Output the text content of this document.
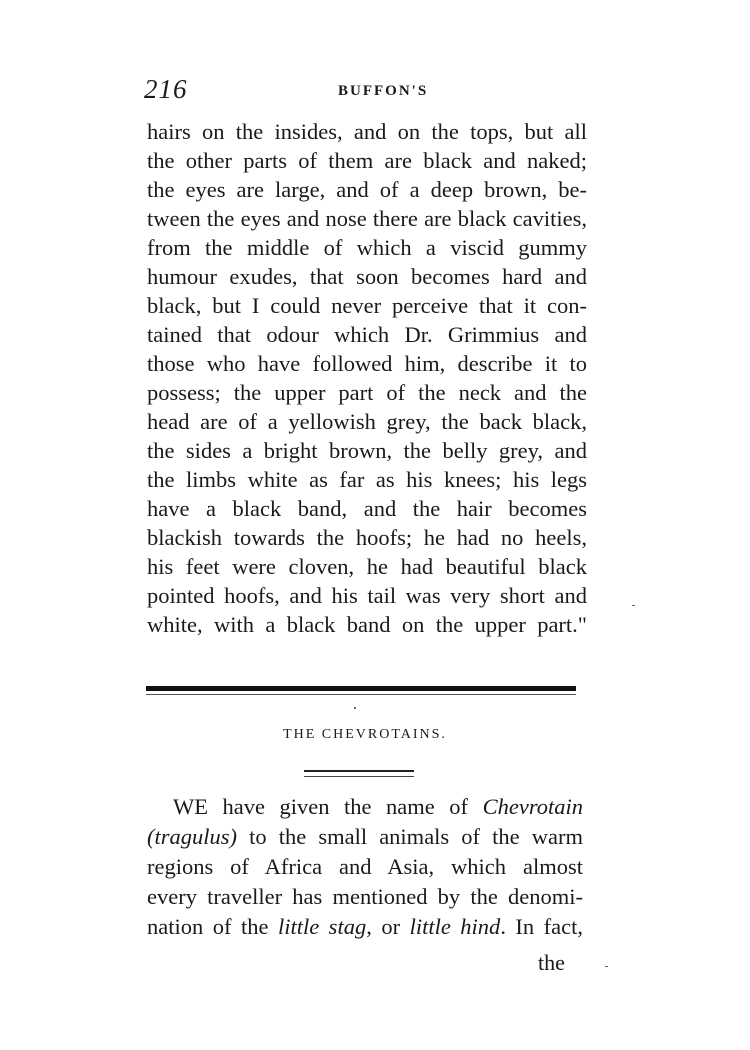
216	BUFFON'S
hairs on the insides, and on the tops, but all
the other parts of them are black and naked;
the eyes are large, and of a deep brown, be-
tween the eyes and nose there are black cavities,
from the middle of which a viscid gummy
humour exudes, that soon becomes hard and
black, but I could never perceive that it con-
tained that odour which Dr. Grimmius and
those who have followed him, describe it to
possess; the upper part of the neck and the
head are of a yellowish grey, the back black,
the sides a bright brown, the belly grey, and
the limbs white as far as his knees; his legs
have a black band, and the hair becomes
blackish towards the hoofs; he had no heels,
his feet were cloven, he had beautiful black
pointed hoofs, and his tail was very short and
white, with a black band on the upper part."
THE CHEVROTAINS.
WE have given the name of Chevrotain
(tragulus) to the small animals of the warm
regions of Africa and Asia, which almost
every traveller has mentioned by the denomi-
nation of the little stag, or little hind. In fact,
the
